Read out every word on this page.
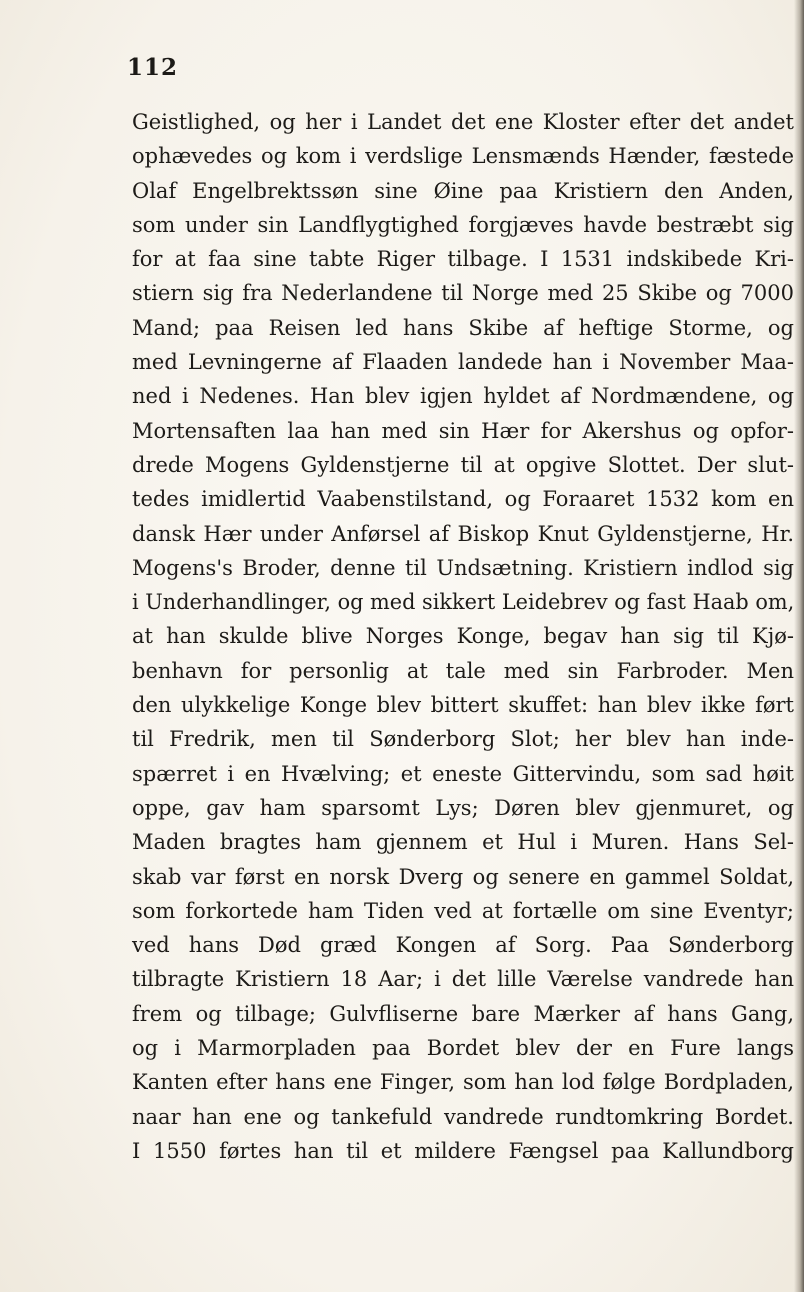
112
Geistlighed, og her i Landet det ene Kloster efter det andet
ophævedes og kom i verdslige Lensmænds Hænder, fæstede
Olaf Engelbrektssøn sine Øine paa Kristiern den Anden,
som under sin Landflygtighed forgjæves havde bestræbt sig
for at faa sine tabte Riger tilbage. I 1531 indskibede Kri-
stiern sig fra Nederlandene til Norge med 25 Skibe og 7000
Mand; paa Reisen led hans Skibe af heftige Storme, og
med Levningerne af Flaaden landede han i November Maa-
ned i Nedenes. Han blev igjen hyldet af Nordmændene, og
Mortensaften laa han med sin Hær for Akershus og opfor-
drede Mogens Gyldenstjerne til at opgive Slottet. Der slut-
tedes imidlertid Vaabenstilstand, og Foraaret 1532 kom en
dansk Hær under Anførsel af Biskop Knut Gyldenstjerne, Hr.
Mogens's Broder, denne til Undsætning. Kristiern indlod sig
i Underhandlinger, og med sikkert Leidebrev og fast Haab om,
at han skulde blive Norges Konge, begav han sig til Kjø-
benhavn for personlig at tale med sin Farbroder. Men
den ulykkelige Konge blev bittert skuffet: han blev ikke ført
til Fredrik, men til Sønderborg Slot; her blev han inde-
spærret i en Hvælving; et eneste Gittervindu, som sad høit
oppe, gav ham sparsomt Lys; Døren blev gjenmuret, og
Maden bragtes ham gjennem et Hul i Muren. Hans Sel-
skab var først en norsk Dverg og senere en gammel Soldat,
som forkortede ham Tiden ved at fortælle om sine Eventyr;
ved hans Død græd Kongen af Sorg. Paa Sønderborg
tilbragte Kristiern 18 Aar; i det lille Værelse vandrede han
frem og tilbage; Gulvfliserne bare Mærker af hans Gang,
og i Marmorpladen paa Bordet blev der en Fure langs
Kanten efter hans ene Finger, som han lod følge Bordpladen,
naar han ene og tankefuld vandrede rundtomkring Bordet.
I 1550 førtes han til et mildere Fængsel paa Kallundborg
